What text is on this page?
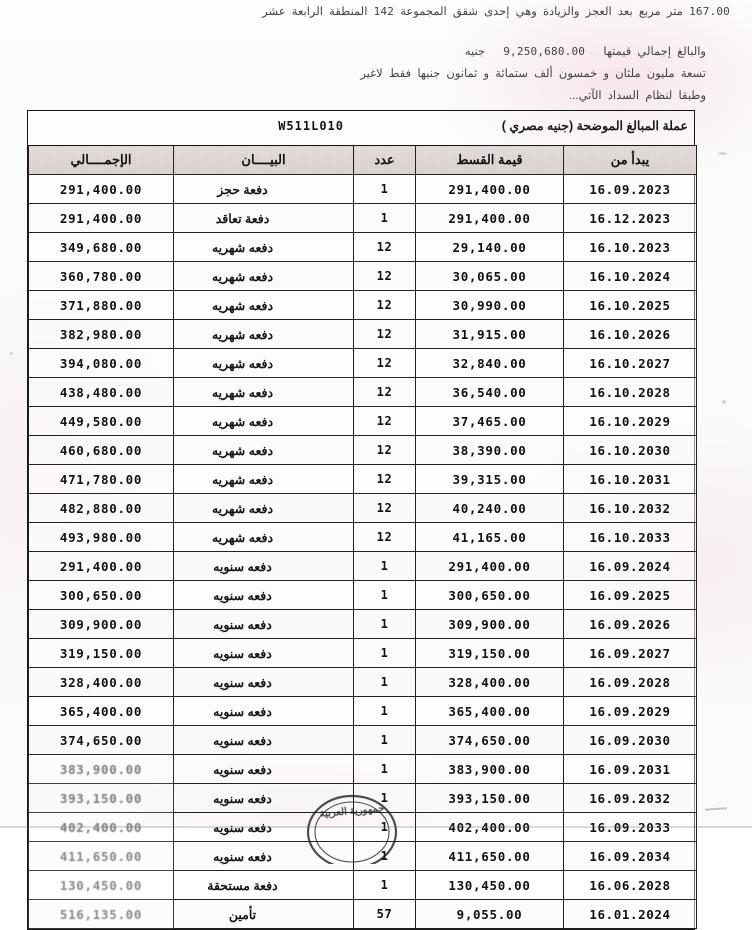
167.00 متر مربع بعد العجز والزيادة وهي إحدى شقق المجموعة 142 المنطقة الرابعة عشر
والبالغ إجمالي قيمتها 9,250,680.00 جنيه
تسعة مليون ملثان و خمسون ألف ستمائة و ثمانون جنيها فقط لاغير
وطبقا لنظام السداد الآتي...
عملة المبالغ الموضحة (جنيه مصري )
W511L010
يبدأ من	قيمة القسط	عدد	البيــــان	الإجمــــالي
16.09.2023	291,400.00	1	دفعة حجز	291,400.00
16.12.2023	291,400.00	1	دفعة تعاقد	291,400.00
16.10.2023	29,140.00	12	دفعه شهريه	349,680.00
16.10.2024	30,065.00	12	دفعه شهريه	360,780.00
16.10.2025	30,990.00	12	دفعه شهريه	371,880.00
16.10.2026	31,915.00	12	دفعه شهريه	382,980.00
16.10.2027	32,840.00	12	دفعه شهريه	394,080.00
16.10.2028	36,540.00	12	دفعه شهريه	438,480.00
16.10.2029	37,465.00	12	دفعه شهريه	449,580.00
16.10.2030	38,390.00	12	دفعه شهريه	460,680.00
16.10.2031	39,315.00	12	دفعه شهريه	471,780.00
16.10.2032	40,240.00	12	دفعه شهريه	482,880.00
16.10.2033	41,165.00	12	دفعه شهريه	493,980.00
16.09.2024	291,400.00	1	دفعه سنويه	291,400.00
16.09.2025	300,650.00	1	دفعه سنويه	300,650.00
16.09.2026	309,900.00	1	دفعه سنويه	309,900.00
16.09.2027	319,150.00	1	دفعه سنويه	319,150.00
16.09.2028	328,400.00	1	دفعه سنويه	328,400.00
16.09.2029	365,400.00	1	دفعه سنويه	365,400.00
16.09.2030	374,650.00	1	دفعه سنويه	374,650.00
16.09.2031	383,900.00	1	دفعه سنويه	383,900.00
16.09.2032	393,150.00	1	دفعه سنويه	393,150.00
16.09.2033	402,400.00	1	دفعه سنويه	402,400.00
16.09.2034	411,650.00	1	دفعه سنويه	411,650.00
16.06.2028	130,450.00	1	دفعة مستحقة	130,450.00
16.01.2024	9,055.00	57	تأمين	516,135.00
جمهورية العربية
